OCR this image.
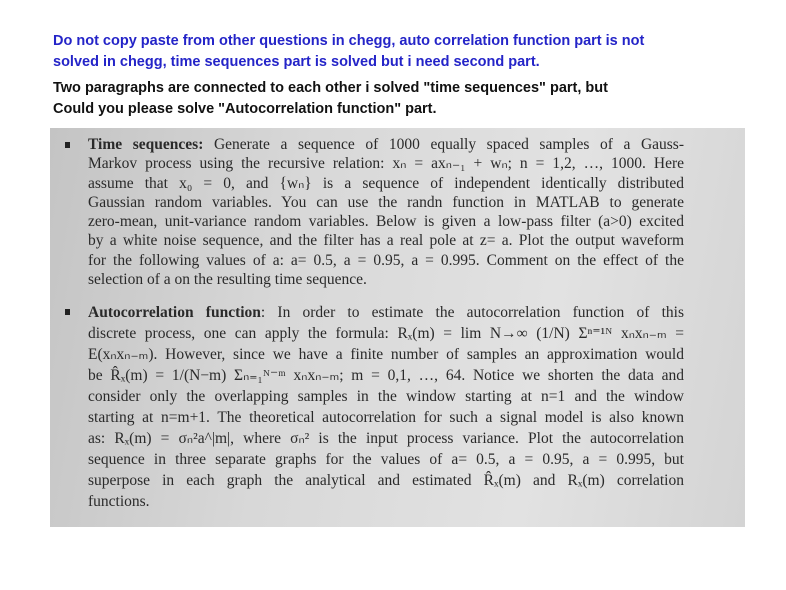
Do not copy paste from other questions in chegg, auto correlation function part is not
solved in chegg, time sequences part is solved but i need second part.
Two paragraphs are connected to each other i solved "time sequences" part, but
Could you please solve "Autocorrelation function" part.
Time sequences: Generate a sequence of 1000 equally spaced samples of a Gauss-
Markov process using the recursive relation: xₙ = axₙ₋₁ + wₙ; n = 1,2, …, 1000. Here
assume that x₀ = 0, and {wₙ} is a sequence of independent identically distributed
Gaussian random variables. You can use the randn function in MATLAB to generate
zero-mean, unit-variance random variables. Below is given a low-pass filter (a>0) excited
by a white noise sequence, and the filter has a real pole at z= a. Plot the output waveform
for the following values of a: a= 0.5, a = 0.95, a = 0.995. Comment on the effect of the
selection of a on the resulting time sequence.
Autocorrelation function: In order to estimate the autocorrelation function of this
discrete process, one can apply the formula: Rₓ(m) = lim N→∞ (1/N) Σⁿ⁼¹ᴺ xₙxₙ₋ₘ =
E(xₙxₙ₋ₘ). However, since we have a finite number of samples an approximation would
be R̂ₓ(m) = 1/(N−m) Σₙ₌₁ᴺ⁻ᵐ xₙxₙ₋ₘ; m = 0,1, …, 64. Notice we shorten the data and
consider only the overlapping samples in the window starting at n=1 and the window
starting at n=m+1. The theoretical autocorrelation for such a signal model is also known
as: Rₓ(m) = σₙ²a^|m|, where σₙ² is the input process variance. Plot the autocorrelation
sequence in three separate graphs for the values of a= 0.5, a = 0.95, a = 0.995, but
superpose in each graph the analytical and estimated R̂ₓ(m) and Rₓ(m) correlation
functions.
